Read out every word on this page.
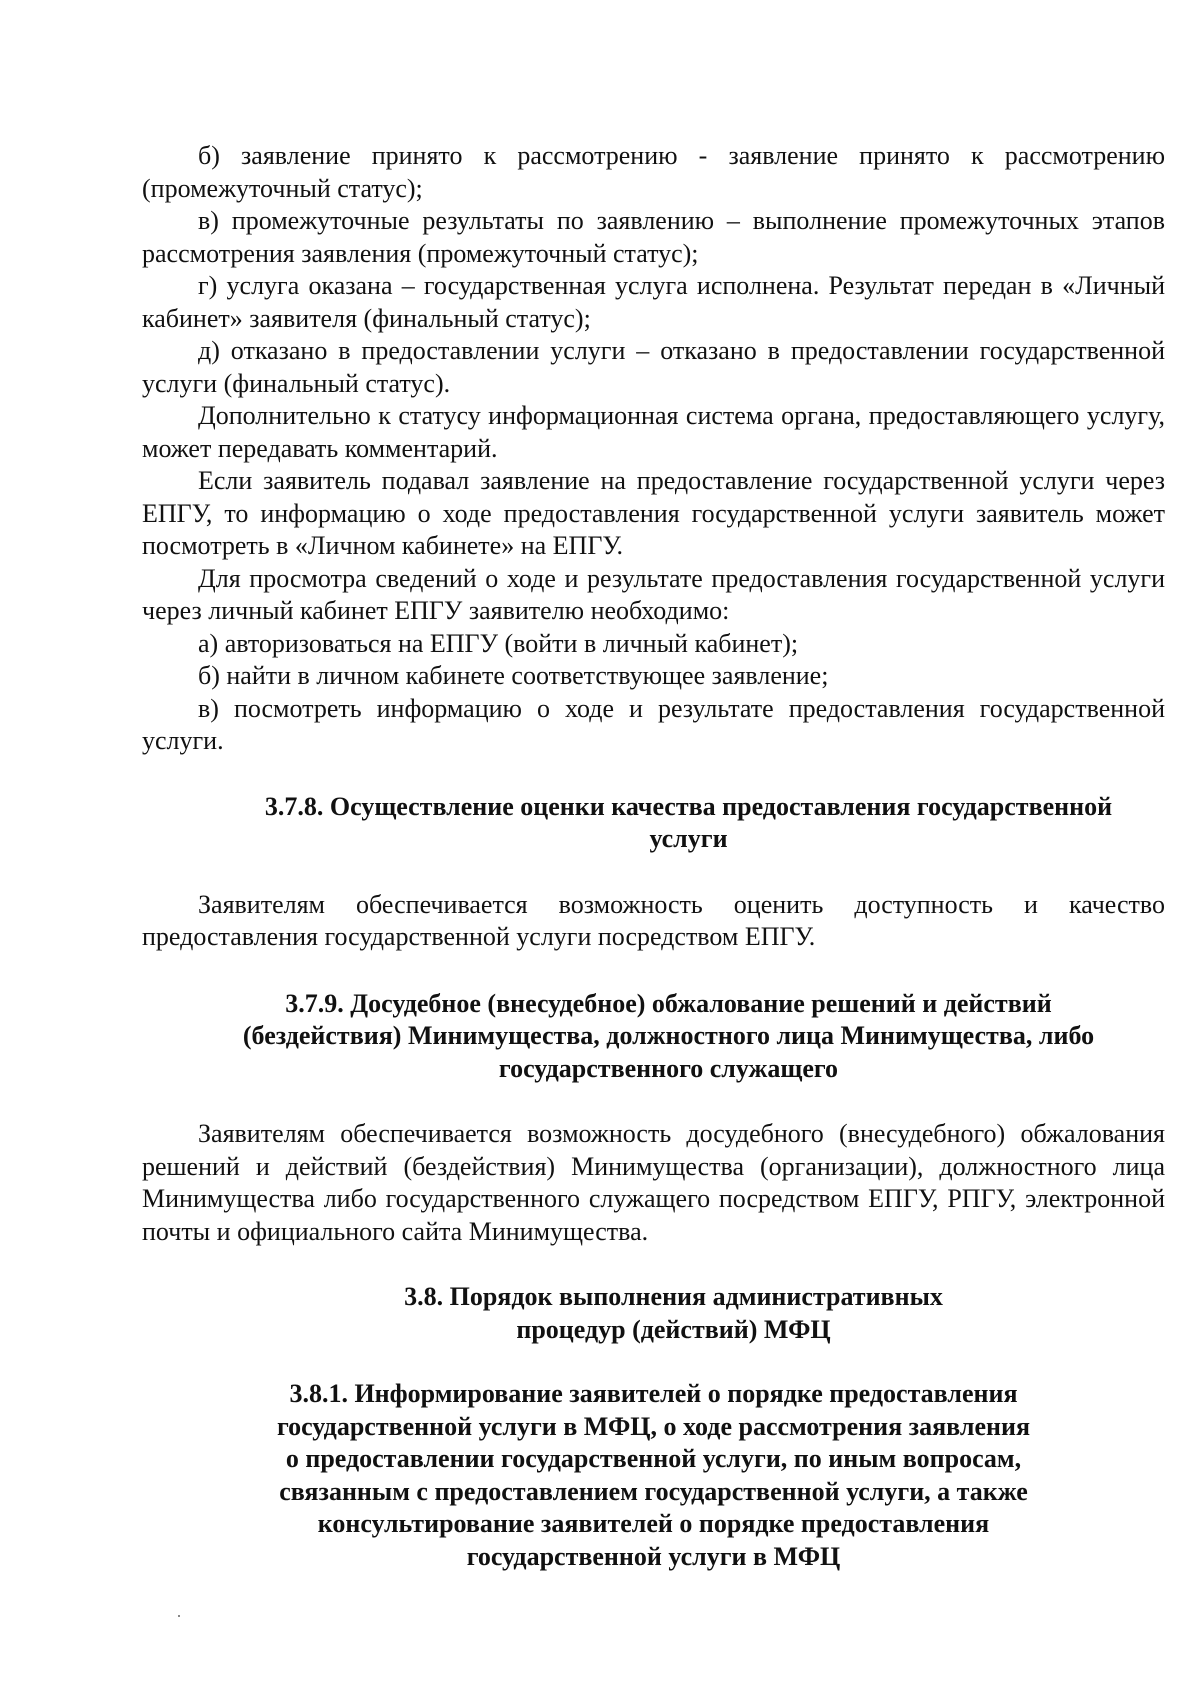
б) заявление принято к рассмотрению - заявление принято к рассмотрению (промежуточный статус);

в) промежуточные результаты по заявлению – выполнение промежуточных этапов рассмотрения заявления (промежуточный статус);

г) услуга оказана – государственная услуга исполнена. Результат передан в «Личный кабинет» заявителя (финальный статус);

д) отказано в предоставлении услуги – отказано в предоставлении государственной услуги (финальный статус).

Дополнительно к статусу информационная система органа, предоставляющего услугу, может передавать комментарий.

Если заявитель подавал заявление на предоставление государственной услуги через ЕПГУ, то информацию о ходе предоставления государственной услуги заявитель может посмотреть в «Личном кабинете» на ЕПГУ.

Для просмотра сведений о ходе и результате предоставления государственной услуги через личный кабинет ЕПГУ заявителю необходимо:

а) авторизоваться на ЕПГУ (войти в личный кабинет);

б) найти в личном кабинете соответствующее заявление;

в) посмотреть информацию о ходе и результате предоставления государственной услуги.

3.7.8. Осуществление оценки качества предоставления государственной
услуги

Заявителям обеспечивается возможность оценить доступность и качество предоставления государственной услуги посредством ЕПГУ.

3.7.9. Досудебное (внесудебное) обжалование решений и действий
(бездействия) Минимущества, должностного лица Минимущества, либо
государственного служащего

Заявителям обеспечивается возможность досудебного (внесудебного) обжалования решений и действий (бездействия) Минимущества (организации), должностного лица Минимущества либо государственного служащего посредством ЕПГУ, РПГУ, электронной почты и официального сайта Минимущества.

3.8. Порядок выполнения административных
процедур (действий) МФЦ
3.8.1. Информирование заявителей о порядке предоставления
государственной услуги в МФЦ, о ходе рассмотрения заявления
о предоставлении государственной услуги, по иным вопросам,
связанным с предоставлением государственной услуги, а также
консультирование заявителей о порядке предоставления
государственной услуги в МФЦ
